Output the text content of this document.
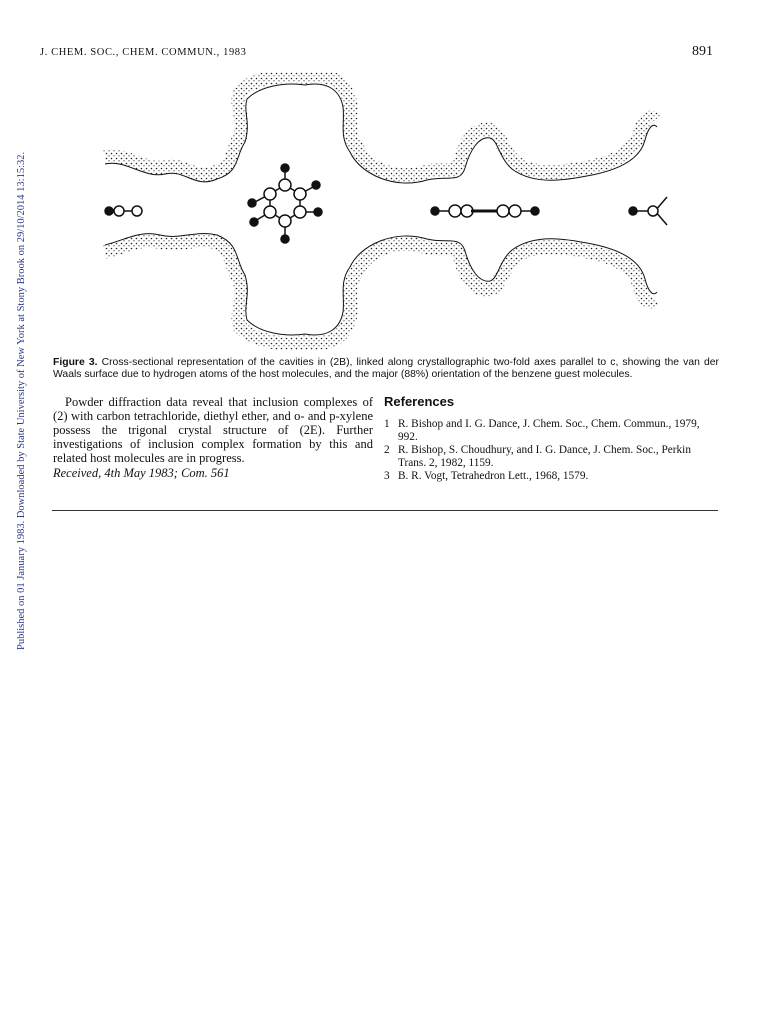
Published on 01 January 1983. Downloaded by State University of New York at Stony Brook on 29/10/2014 13:15:32.
J. CHEM. SOC., CHEM. COMMUN., 1983	891
Figure 3. Cross-sectional representation of the cavities in (2B), linked along crystallographic two-fold axes parallel to c, showing the van der Waals surface due to hydrogen atoms of the host molecules, and the major (88%) orientation of the benzene guest molecules.

Powder diffraction data reveal that inclusion complexes of (2) with carbon tetrachloride, diethyl ether, and o- and p-xylene possess the trigonal crystal structure of (2E). Further investigations of inclusion complex formation by this and related host molecules are in progress.

Received, 4th May 1983; Com. 561
References
1 R. Bishop and I. G. Dance, J. Chem. Soc., Chem. Commun., 1979, 992.
2 R. Bishop, S. Choudhury, and I. G. Dance, J. Chem. Soc., Perkin Trans. 2, 1982, 1159.
3 B. R. Vogt, Tetrahedron Lett., 1968, 1579.
